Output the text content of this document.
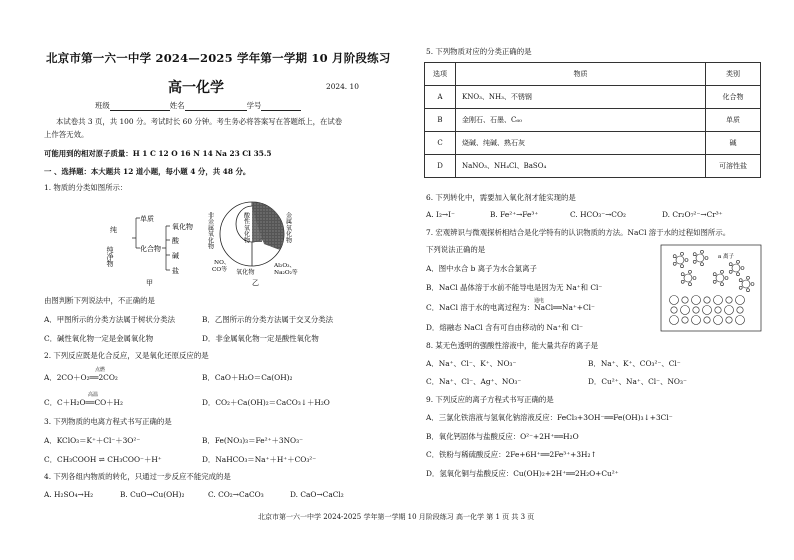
北京市第一六一中学 2024—2025 学年第一学期 10 月阶段练习
高一化学	2024. 10
班级	姓名	学号
本试卷共 3 页，共 100 分。考试时长 60 分钟。考生务必将答案写在答题纸上，在试卷
上作答无效。
可能用到的相对原子质量：H 1 C 12 O 16 N 14 Na 23 Cl 35.5
一 、选择题：本大题共 12 道小题，每小题 4 分，共 48 分。
1. 物质的分类如图所示：
纯
纯净物
单质
化合物
氧化物
酸
碱
盐
甲
非金属氧化物	酸性氧化物	金属氧化物
NO、
CO等 氧化物
Al₂O₃、
Na₂O₂等
乙
由图判断下列说法中，不正确的是
A．甲图所示的分类方法属于树状分类法	B．乙图所示的分类方法属于交叉分类法
C．碱性氧化物一定是金属氧化物	D．非金属氧化物一定是酸性氧化物
2. 下列反应既是化合反应，又是氧化还原反应的是
点燃
A．2CO＋O₂══2CO₂	B．CaO＋H₂O＝Ca(OH)₂
高温
C．C＋H₂O══CO＋H₂	D．CO₂＋Ca(OH)₂＝CaCO₃↓＋H₂O
3. 下列物质的电离方程式书写正确的是
A．KClO₃＝K⁺＋Cl⁻＋3O²⁻	B．Fe(NO₃)₃＝Fe²⁺＋3NO₃⁻
C．CH₃COOH ⇌ CH₃COO⁻＋H⁺	D．NaHCO₃＝Na⁺＋H⁺＋CO₃²⁻
4. 下列各组内物质的转化，只通过一步反应不能完成的是
A. H₂SO₄→H₂	B. CuO→Cu(OH)₂	C. CO₂→CaCO₃	D. CaO→CaCl₂
5. 下列物质对应的分类正确的是
选项	物质	类别
A	KNO₃、NH₃、不锈钢	化合物
B	金刚石、石墨、C₆₀	单质
C	烧碱、纯碱、熟石灰	碱
D	NaNO₃、NH₄Cl、BaSO₄	可溶性盐
6. 下列转化中，需要加入氧化剂才能实现的是
A. I₂→I⁻	B. Fe²⁺→Fe³⁺	C. HCO₃⁻→CO₂	D. Cr₂O₇²⁻→Cr³⁺
7. 宏观辨识与微观探析相结合是化学特有的认识物质的方法。NaCl 溶于水的过程如图所示。
下列说法正确的是
a 离子
A．图中水合 b 离子为水合氯离子
B．NaCl 晶体溶于水前不能导电是因为无 Na⁺和 Cl⁻
通电
C．NaCl 溶于水的电离过程为：NaCl══Na⁺+Cl⁻
D．熔融态 NaCl 含有可自由移动的 Na⁺和 Cl⁻
8. 某无色透明的强酸性溶液中，能大量共存的离子是
A．Na⁺、Cl⁻、K⁺、NO₃⁻	B．Na⁺、K⁺、CO₃²⁻、Cl⁻
C．Na⁺、Cl⁻、Ag⁺、NO₃⁻	D．Cu²⁺、Na⁺、Cl⁻、NO₃⁻
9. 下列反应的离子方程式书写正确的是
A．三氯化铁溶液与氢氧化钠溶液反应：FeCl₃+3OH⁻══Fe(OH)₃↓+3Cl⁻
B．氧化钙固体与盐酸反应：O²⁻+2H⁺══H₂O
C．铁粉与稀硫酸反应：2Fe+6H⁺══2Fe³⁺+3H₂↑
D．氢氧化铜与盐酸反应：Cu(OH)₂+2H⁺══2H₂O+Cu²⁺
北京市第一六一中学 2024-2025 学年第一学期 10 月阶段练习 高一化学 第 1 页 共 3 页
